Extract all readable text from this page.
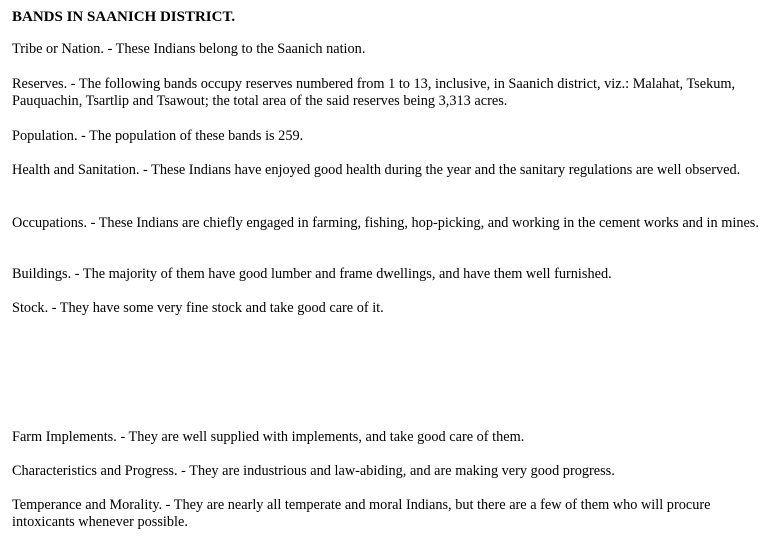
BANDS IN SAANICH DISTRICT.

Tribe or Nation. - These Indians belong to the Saanich nation.

Reserves. - The following bands occupy reserves numbered from 1 to 13, inclusive, in Saanich district, viz.: Malahat, Tsekum, Pauquachin, Tsartlip and Tsawout; the total area of the said reserves being 3,313 acres.

Population. - The population of these bands is 259.

Health and Sanitation. - These Indians have enjoyed good health during the year and the sanitary regulations are well observed.

Occupations. - These Indians are chiefly engaged in farming, fishing, hop-picking, and working in the cement works and in mines.

Buildings. - The majority of them have good lumber and frame dwellings, and have them well furnished.

Stock. - They have some very fine stock and take good care of it.

Farm Implements. - They are well supplied with implements, and take good care of them.

Characteristics and Progress. - They are industrious and law-abiding, and are making very good progress.

Temperance and Morality. - They are nearly all temperate and moral Indians, but there are a few of them who will procure intoxicants whenever possible.
